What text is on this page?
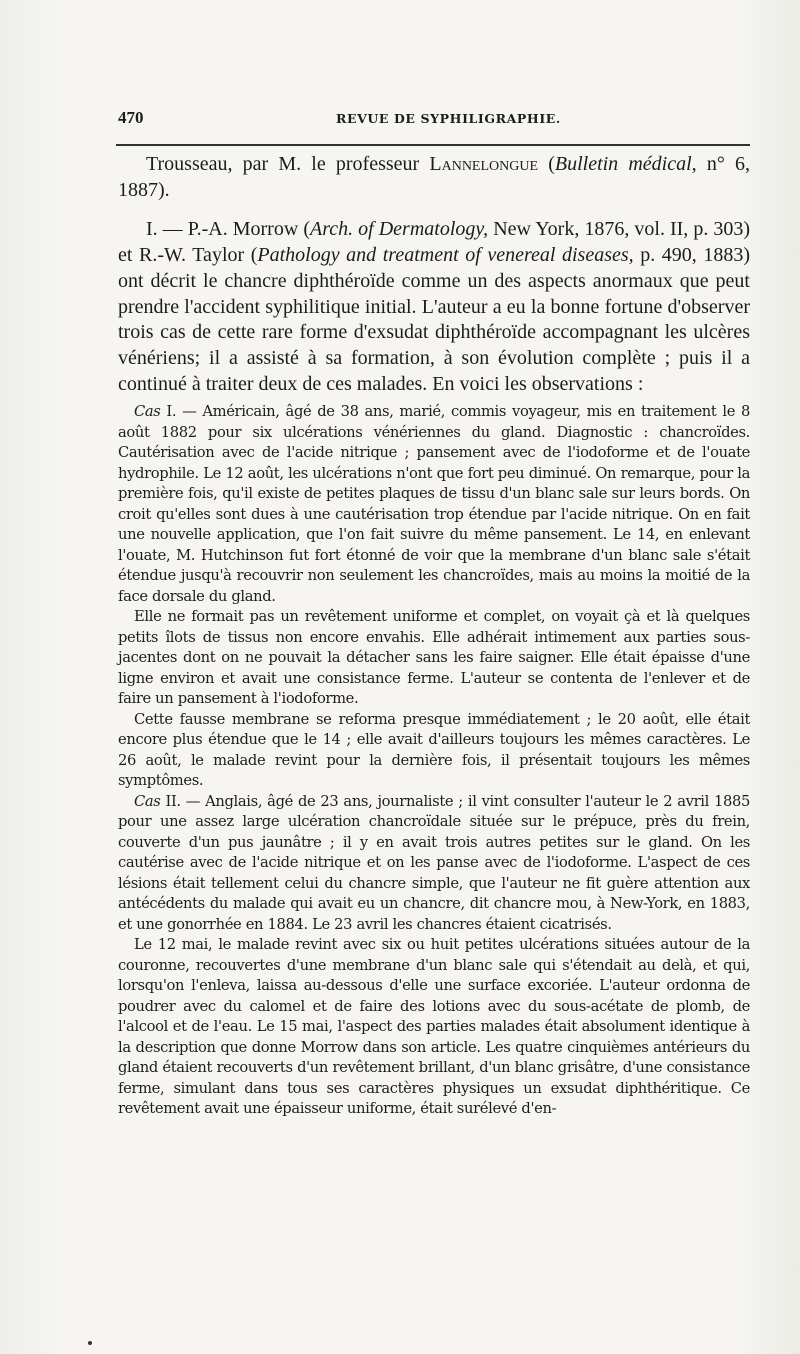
470	REVUE DE SYPHILIGRAPHIE.

Trousseau, par M. le professeur Lannelongue (Bulletin médical, n° 6, 1887).

I. — P.-A. Morrow (Arch. of Dermatology, New York, 1876, vol. II, p. 303) et R.-W. Taylor (Pathology and treatment of venereal diseases, p. 490, 1883) ont décrit le chancre diphthéroïde comme un des aspects anormaux que peut prendre l'accident syphilitique initial. L'auteur a eu la bonne fortune d'observer trois cas de cette rare forme d'exsudat diphthéroïde accompagnant les ulcères vénériens; il a assisté à sa formation, à son évolution complète ; puis il a continué à traiter deux de ces malades. En voici les observations :

Cas I. — Américain, âgé de 38 ans, marié, commis voyageur, mis en traitement le 8 août 1882 pour six ulcérations vénériennes du gland. Diagnostic : chancroïdes. Cautérisation avec de l'acide nitrique ; pansement avec de l'iodoforme et de l'ouate hydrophile. Le 12 août, les ulcérations n'ont que fort peu diminué. On remarque, pour la première fois, qu'il existe de petites plaques de tissu d'un blanc sale sur leurs bords. On croit qu'elles sont dues à une cautérisation trop étendue par l'acide nitrique. On en fait une nouvelle application, que l'on fait suivre du même pansement. Le 14, en enlevant l'ouate, M. Hutchinson fut fort étonné de voir que la membrane d'un blanc sale s'était étendue jusqu'à recouvrir non seulement les chancroïdes, mais au moins la moitié de la face dorsale du gland.

Elle ne formait pas un revêtement uniforme et complet, on voyait çà et là quelques petits îlots de tissus non encore envahis. Elle adhérait intimement aux parties sous-jacentes dont on ne pouvait la détacher sans les faire saigner. Elle était épaisse d'une ligne environ et avait une consistance ferme. L'auteur se contenta de l'enlever et de faire un pansement à l'iodoforme.

Cette fausse membrane se reforma presque immédiatement ; le 20 août, elle était encore plus étendue que le 14 ; elle avait d'ailleurs toujours les mêmes caractères. Le 26 août, le malade revint pour la dernière fois, il présentait toujours les mêmes symptômes.

Cas II. — Anglais, âgé de 23 ans, journaliste ; il vint consulter l'auteur le 2 avril 1885 pour une assez large ulcération chancroïdale située sur le prépuce, près du frein, couverte d'un pus jaunâtre ; il y en avait trois autres petites sur le gland. On les cautérise avec de l'acide nitrique et on les panse avec de l'iodoforme. L'aspect de ces lésions était tellement celui du chancre simple, que l'auteur ne fit guère attention aux antécédents du malade qui avait eu un chancre, dit chancre mou, à New-York, en 1883, et une gonorrhée en 1884. Le 23 avril les chancres étaient cicatrisés.

Le 12 mai, le malade revint avec six ou huit petites ulcérations situées autour de la couronne, recouvertes d'une membrane d'un blanc sale qui s'étendait au delà, et qui, lorsqu'on l'enleva, laissa au-dessous d'elle une surface excoriée. L'auteur ordonna de poudrer avec du calomel et de faire des lotions avec du sous-acétate de plomb, de l'alcool et de l'eau. Le 15 mai, l'aspect des parties malades était absolument identique à la description que donne Morrow dans son article. Les quatre cinquièmes antérieurs du gland étaient recouverts d'un revêtement brillant, d'un blanc grisâtre, d'une consistance ferme, simulant dans tous ses caractères physiques un exsudat diphthéritique. Ce revêtement avait une épaisseur uniforme, était surélevé d'en-
